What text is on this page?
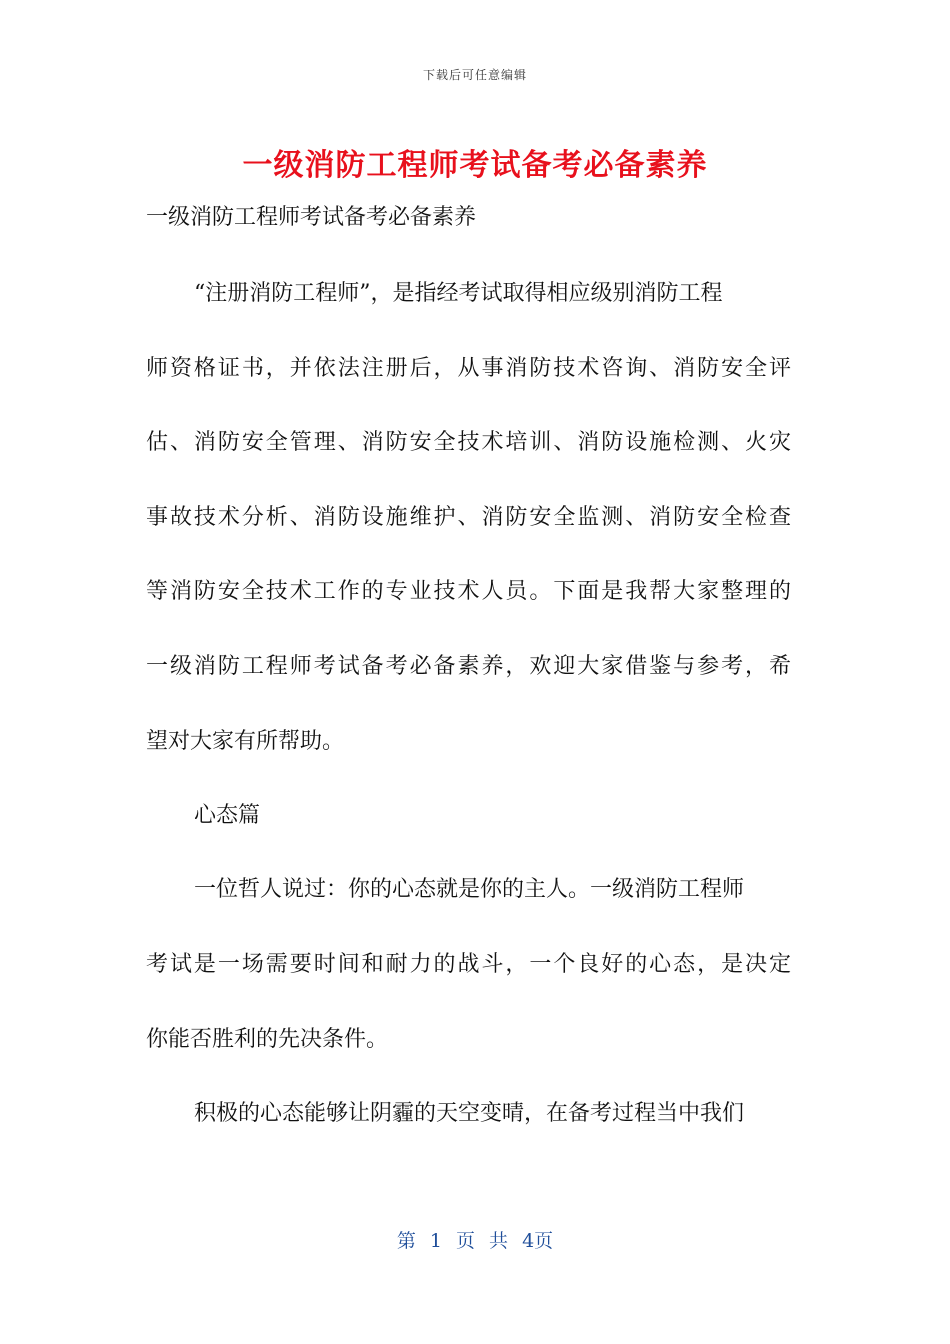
下载后可任意编辑
一级消防工程师考试备考必备素养
一级消防工程师考试备考必备素养
“注册消防工程师”，是指经考试取得相应级别消防工程
师资格证书，并依法注册后，从事消防技术咨询、消防安全评
估、消防安全管理、消防安全技术培训、消防设施检测、火灾
事故技术分析、消防设施维护、消防安全监测、消防安全检查
等消防安全技术工作的专业技术人员。下面是我帮大家整理的
一级消防工程师考试备考必备素养，欢迎大家借鉴与参考，希
望对大家有所帮助。
心态篇
一位哲人说过：你的心态就是你的主人。一级消防工程师
考试是一场需要时间和耐力的战斗，一个良好的心态，是决定
你能否胜利的先决条件。
积极的心态能够让阴霾的天空变晴，在备考过程当中我们
第 1 页 共 4页
